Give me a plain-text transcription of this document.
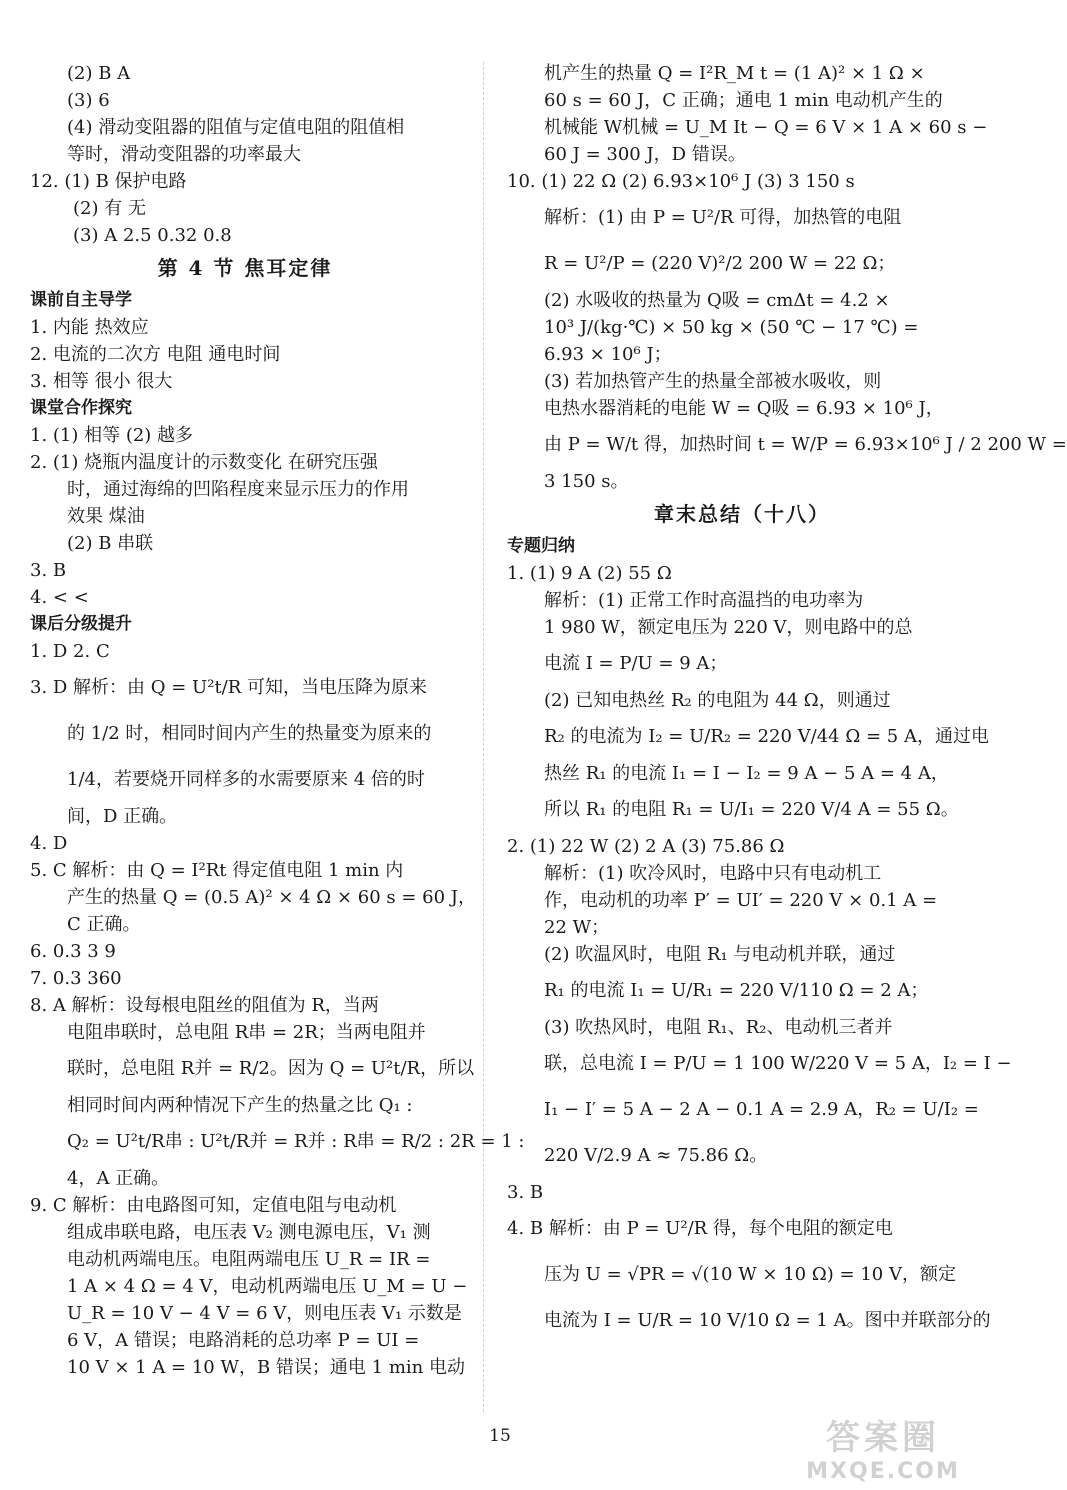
(2) B A
(3) 6
(4) 滑动变阻器的阻值与定值电阻的阻值相
等时，滑动变阻器的功率最大
12. (1) B 保护电路
(2) 有 无
(3) A 2.5 0.32 0.8
第 4 节 焦耳定律
课前自主导学
1. 内能 热效应
2. 电流的二次方 电阻 通电时间
3. 相等 很小 很大
课堂合作探究
1. (1) 相等 (2) 越多
2. (1) 烧瓶内温度计的示数变化 在研究压强
时，通过海绵的凹陷程度来显示压力的作用
效果 煤油
(2) B 串联
3. B
4. < <
课后分级提升
1. D 2. C
3. D 解析：由 Q = U²t/R 可知，当电压降为原来
的 1/2 时，相同时间内产生的热量变为原来的
1/4，若要烧开同样多的水需要原来 4 倍的时
间，D 正确。
4. D
5. C 解析：由 Q = I²Rt 得定值电阻 1 min 内
产生的热量 Q = (0.5 A)² × 4 Ω × 60 s = 60 J，
C 正确。
6. 0.3 3 9
7. 0.3 360
8. A 解析：设每根电阻丝的阻值为 R，当两
电阻串联时，总电阻 R串 = 2R；当两电阻并
联时，总电阻 R并 = R/2。因为 Q = U²t/R，所以
相同时间内两种情况下产生的热量之比 Q₁ :
Q₂ = U²t/R串 : U²t/R并 = R并 : R串 = R/2 : 2R = 1 :
4，A 正确。
9. C 解析：由电路图可知，定值电阻与电动机
组成串联电路，电压表 V₂ 测电源电压，V₁ 测
电动机两端电压。电阻两端电压 U_R = IR =
1 A × 4 Ω = 4 V，电动机两端电压 U_M = U −
U_R = 10 V − 4 V = 6 V，则电压表 V₁ 示数是
6 V，A 错误；电路消耗的总功率 P = UI =
10 V × 1 A = 10 W，B 错误；通电 1 min 电动
机产生的热量 Q = I²R_M t = (1 A)² × 1 Ω ×
60 s = 60 J，C 正确；通电 1 min 电动机产生的
机械能 W机械 = U_M It − Q = 6 V × 1 A × 60 s −
60 J = 300 J，D 错误。
10. (1) 22 Ω (2) 6.93×10⁶ J (3) 3 150 s
解析：(1) 由 P = U²/R 可得，加热管的电阻
R = U²/P = (220 V)²/2 200 W = 22 Ω；
(2) 水吸收的热量为 Q吸 = cmΔt = 4.2 ×
10³ J/(kg·℃) × 50 kg × (50 ℃ − 17 ℃) =
6.93 × 10⁶ J；
(3) 若加热管产生的热量全部被水吸收，则
电热水器消耗的电能 W = Q吸 = 6.93 × 10⁶ J，
由 P = W/t 得，加热时间 t = W/P = 6.93×10⁶ J / 2 200 W =
3 150 s。
章末总结（十八）
专题归纳
1. (1) 9 A (2) 55 Ω
解析：(1) 正常工作时高温挡的电功率为
1 980 W，额定电压为 220 V，则电路中的总
电流 I = P/U = 9 A；
(2) 已知电热丝 R₂ 的电阻为 44 Ω，则通过
R₂ 的电流为 I₂ = U/R₂ = 220 V/44 Ω = 5 A，通过电
热丝 R₁ 的电流 I₁ = I − I₂ = 9 A − 5 A = 4 A，
所以 R₁ 的电阻 R₁ = U/I₁ = 220 V/4 A = 55 Ω。
2. (1) 22 W (2) 2 A (3) 75.86 Ω
解析：(1) 吹冷风时，电路中只有电动机工
作，电动机的功率 P′ = UI′ = 220 V × 0.1 A =
22 W；
(2) 吹温风时，电阻 R₁ 与电动机并联，通过
R₁ 的电流 I₁ = U/R₁ = 220 V/110 Ω = 2 A；
(3) 吹热风时，电阻 R₁、R₂、电动机三者并
联，总电流 I = P/U = 1 100 W/220 V = 5 A，I₂ = I −
I₁ − I′ = 5 A − 2 A − 0.1 A = 2.9 A，R₂ = U/I₂ =
220 V/2.9 A ≈ 75.86 Ω。
3. B
4. B 解析：由 P = U²/R 得，每个电阻的额定电
压为 U = √PR = √(10 W × 10 Ω) = 10 V，额定
电流为 I = U/R = 10 V/10 Ω = 1 A。图中并联部分的
15	答案圈
MXQE.COM
